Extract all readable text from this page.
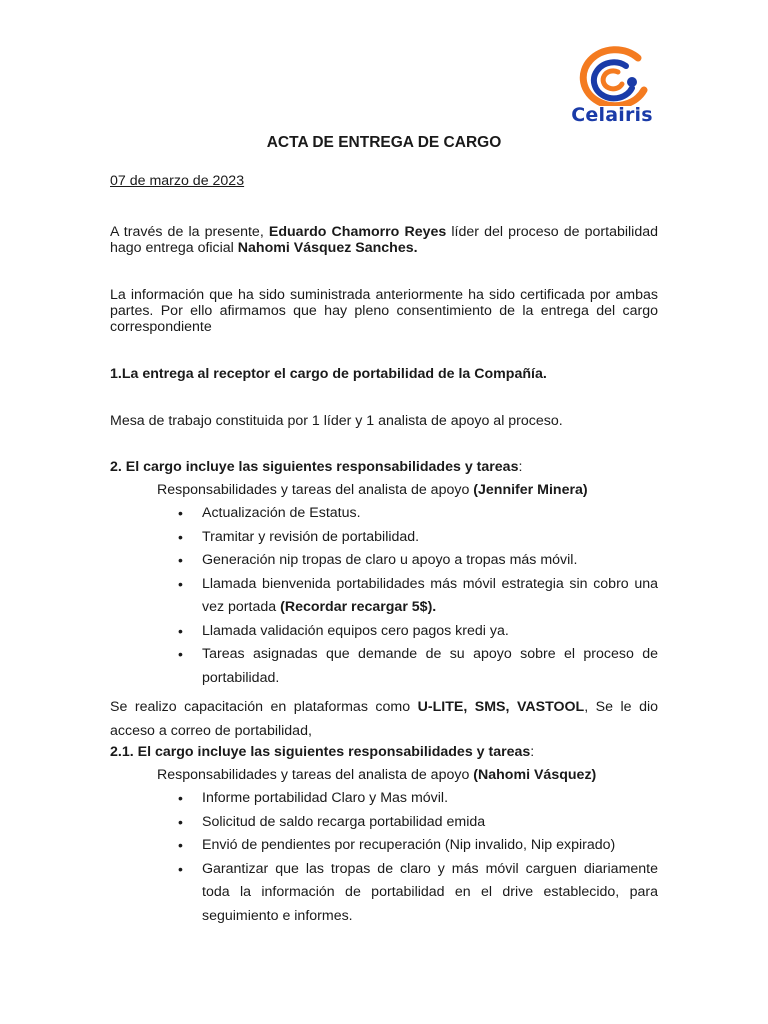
Celairis
ACTA DE ENTREGA DE CARGO
07 de marzo de 2023
A través de la presente, Eduardo Chamorro Reyes líder del proceso de portabilidad hago entrega oficial Nahomi Vásquez Sanches.
La información que ha sido suministrada anteriormente ha sido certificada por ambas partes. Por ello afirmamos que hay pleno consentimiento de la entrega del cargo correspondiente
1.La entrega al receptor el cargo de portabilidad de la Compañía.
Mesa de trabajo constituida por 1 líder y 1 analista de apoyo al proceso.
2. El cargo incluye las siguientes responsabilidades y tareas:
Responsabilidades y tareas del analista de apoyo (Jennifer Minera)
• Actualización de Estatus.
• Tramitar y revisión de portabilidad.
• Generación nip tropas de claro u apoyo a tropas más móvil.
• Llamada bienvenida portabilidades más móvil estrategia sin cobro una vez portada (Recordar recargar 5$).
• Llamada validación equipos cero pagos kredi ya.
• Tareas asignadas que demande de su apoyo sobre el proceso de portabilidad.
Se realizo capacitación en plataformas como U-LITE, SMS, VASTOOL, Se le dio acceso a correo de portabilidad,
2.1. El cargo incluye las siguientes responsabilidades y tareas:
Responsabilidades y tareas del analista de apoyo (Nahomi Vásquez)
• Informe portabilidad Claro y Mas móvil.
• Solicitud de saldo recarga portabilidad emida
• Envió de pendientes por recuperación (Nip invalido, Nip expirado)
• Garantizar que las tropas de claro y más móvil carguen diariamente toda la información de portabilidad en el drive establecido, para seguimiento e informes.
